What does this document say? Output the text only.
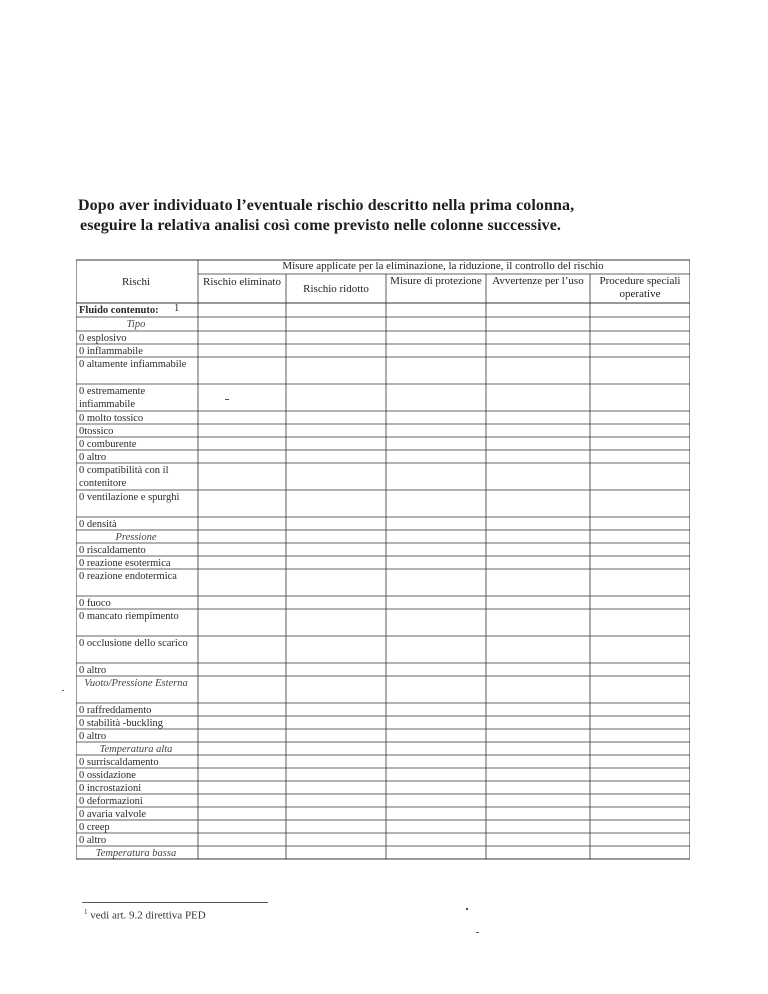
Dopo aver individuato l’eventuale rischio descritto nella prima colonna,

eseguire la relativa analisi così come previsto nelle colonne successive.

Rischi
Misure applicate per la eliminazione, la riduzione, il controllo del rischio
Rischio eliminato
Rischio ridotto
Misure di protezione Avvertenze per l’uso	Procedure speciali operative
Fluido contenuto:	1
Tipo
0 esplosivo
0 inflammabile
0 altamente infiammabile
0 estremamente infiammabile
0 molto tossico
0tossico
0 comburente
0 altro
0 compatibilità con il contenitore
0 ventilazione e spurghi
0 densità
Pressione
0 riscaldamento
0 reazione esotermica
0 reazione endotermica
0 fuoco
0 mancato riempimento
0 occlusione dello scarico
0 altro
Vuoto/Pressione Esterna
0 raffreddamento
0 stabilità -buckling
0 altro
Temperatura alta
0 surriscaldamento
0 ossidazione
0 incrostazioni
0 deformazioni
0 avaria valvole
0 creep
0 altro
Temperatura bassa
$^1$ vedi art. 9.2 direttiva PED
